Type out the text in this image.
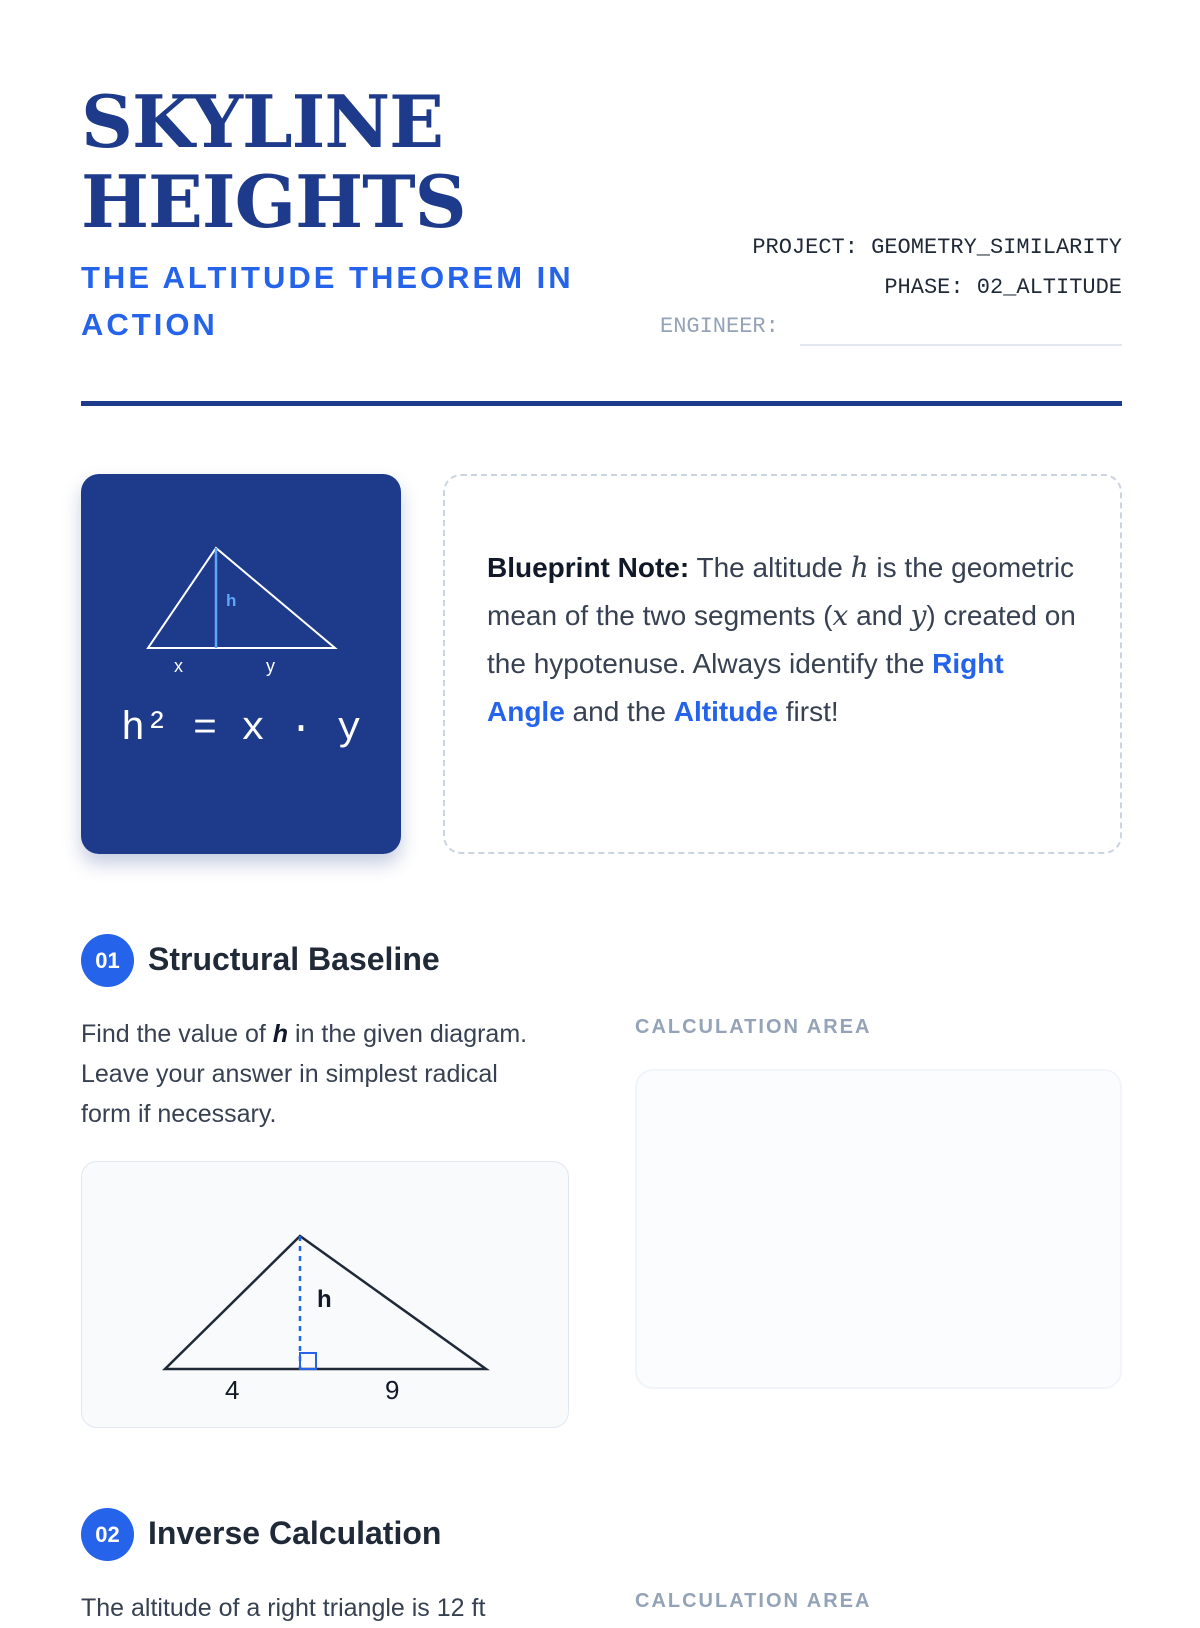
SKYLINE
HEIGHTS
THE ALTITUDE THEOREM IN ACTION
PROJECT: GEOMETRY_SIMILARITY
PHASE: 02_ALTITUDE
ENGINEER:
h
x	y
h² = x · y

Blueprint Note: The altitude h is the geometric mean of the two segments (x and y) created on the hypotenuse. Always identify the Right Angle and the Altitude first!

01 Structural Baseline

Find the value of h in the given diagram. Leave your answer in simplest radical form if necessary.

CALCULATION AREA
h
4	9
02 Inverse Calculation

The altitude of a right triangle is 12 ft	CALCULATION AREA
